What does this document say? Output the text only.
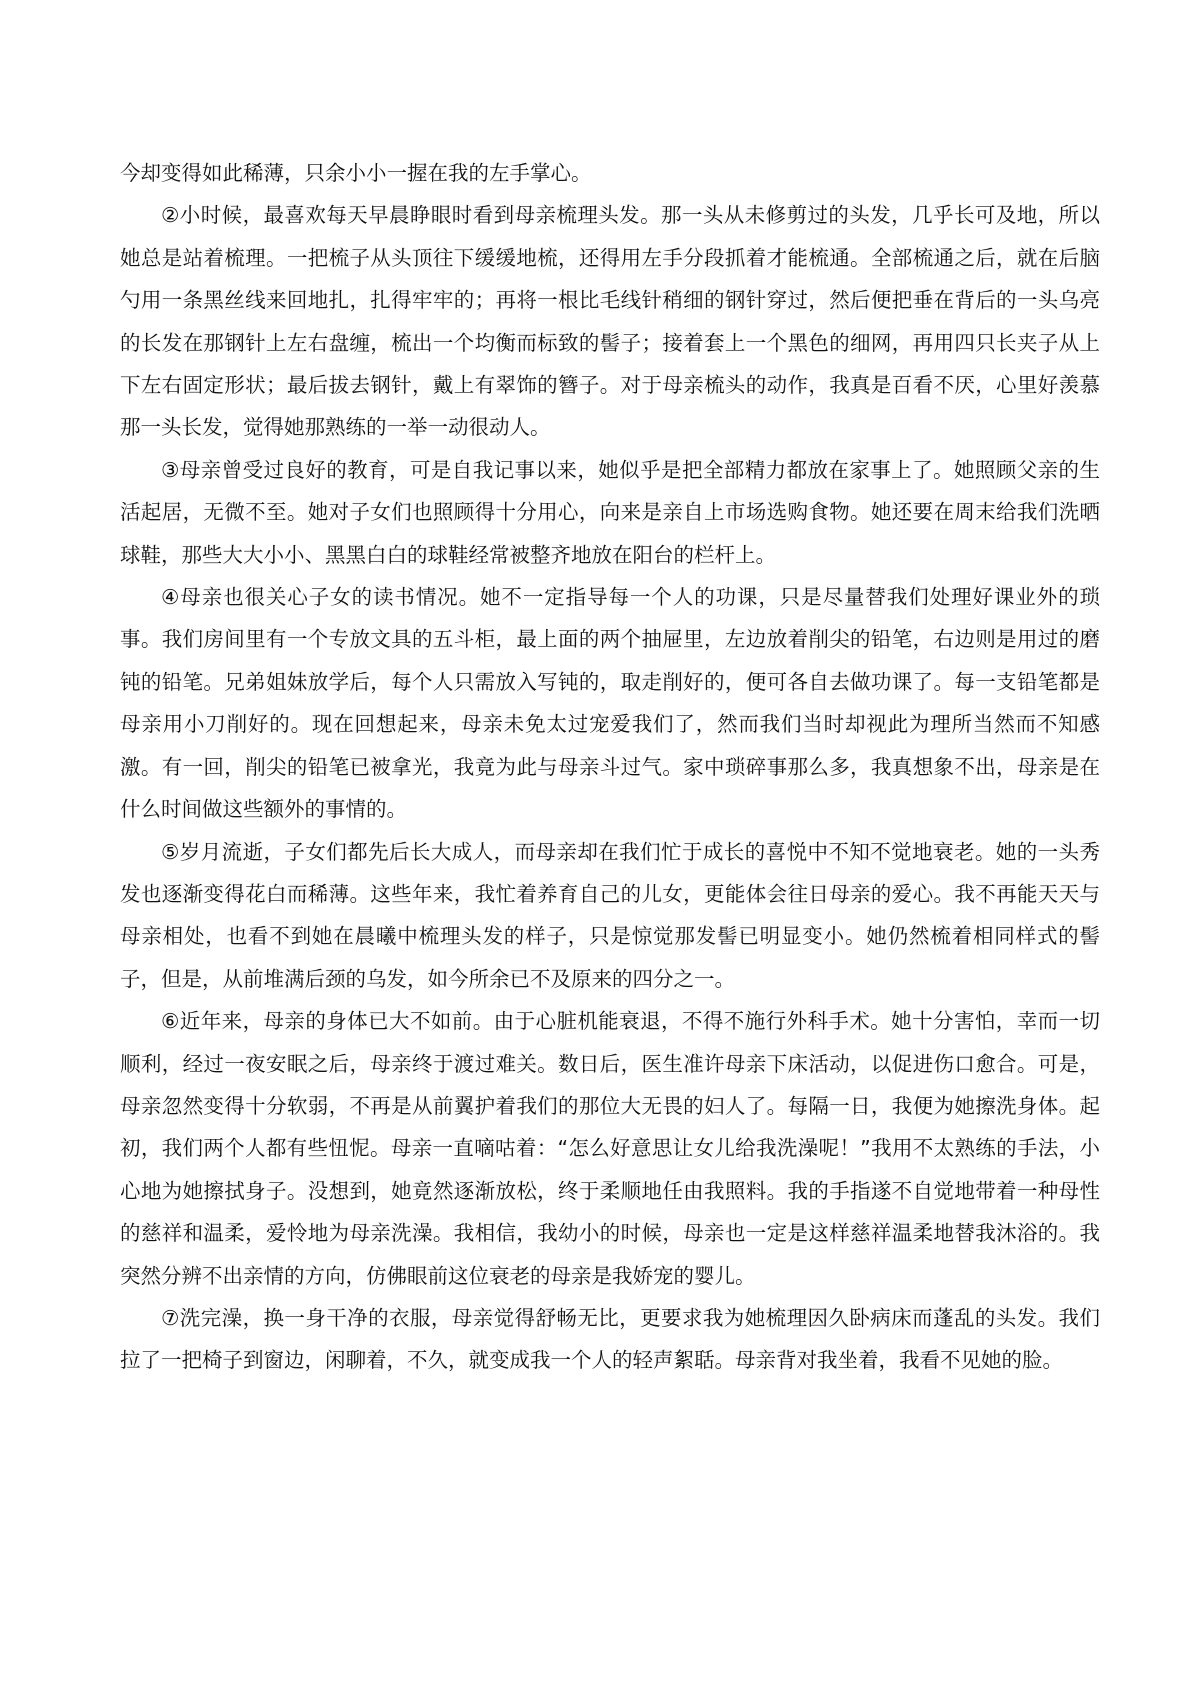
今却变得如此稀薄，只余小小一握在我的左手掌心。

②小时候，最喜欢每天早晨睁眼时看到母亲梳理头发。那一头从未修剪过的头发，几乎长可及地，所以她总是站着梳理。一把梳子从头顶往下缓缓地梳，还得用左手分段抓着才能梳通。全部梳通之后，就在后脑勺用一条黑丝线来回地扎，扎得牢牢的；再将一根比毛线针稍细的钢针穿过，然后便把垂在背后的一头乌亮的长发在那钢针上左右盘缠，梳出一个均衡而标致的髻子；接着套上一个黑色的细网，再用四只长夹子从上下左右固定形状；最后拔去钢针，戴上有翠饰的簪子。对于母亲梳头的动作，我真是百看不厌，心里好羡慕那一头长发，觉得她那熟练的一举一动很动人。

③母亲曾受过良好的教育，可是自我记事以来，她似乎是把全部精力都放在家事上了。她照顾父亲的生活起居，无微不至。她对子女们也照顾得十分用心，向来是亲自上市场选购食物。她还要在周末给我们洗晒球鞋，那些大大小小、黑黑白白的球鞋经常被整齐地放在阳台的栏杆上。

④母亲也很关心子女的读书情况。她不一定指导每一个人的功课，只是尽量替我们处理好课业外的琐事。我们房间里有一个专放文具的五斗柜，最上面的两个抽屉里，左边放着削尖的铅笔，右边则是用过的磨钝的铅笔。兄弟姐妹放学后，每个人只需放入写钝的，取走削好的，便可各自去做功课了。每一支铅笔都是母亲用小刀削好的。现在回想起来，母亲未免太过宠爱我们了，然而我们当时却视此为理所当然而不知感激。有一回，削尖的铅笔已被拿光，我竟为此与母亲斗过气。家中琐碎事那么多，我真想象不出，母亲是在什么时间做这些额外的事情的。

⑤岁月流逝，子女们都先后长大成人，而母亲却在我们忙于成长的喜悦中不知不觉地衰老。她的一头秀发也逐渐变得花白而稀薄。这些年来，我忙着养育自己的儿女，更能体会往日母亲的爱心。我不再能天天与母亲相处，也看不到她在晨曦中梳理头发的样子，只是惊觉那发髻已明显变小。她仍然梳着相同样式的髻子，但是，从前堆满后颈的乌发，如今所余已不及原来的四分之一。

⑥近年来，母亲的身体已大不如前。由于心脏机能衰退，不得不施行外科手术。她十分害怕，幸而一切顺利，经过一夜安眠之后，母亲终于渡过难关。数日后，医生准许母亲下床活动，以促进伤口愈合。可是，母亲忽然变得十分软弱，不再是从前翼护着我们的那位大无畏的妇人了。每隔一日，我便为她擦洗身体。起初，我们两个人都有些忸怩。母亲一直嘀咕着：“怎么好意思让女儿给我洗澡呢！”我用不太熟练的手法，小心地为她擦拭身子。没想到，她竟然逐渐放松，终于柔顺地任由我照料。我的手指遂不自觉地带着一种母性的慈祥和温柔，爱怜地为母亲洗澡。我相信，我幼小的时候，母亲也一定是这样慈祥温柔地替我沐浴的。我突然分辨不出亲情的方向，仿佛眼前这位衰老的母亲是我娇宠的婴儿。

⑦洗完澡，换一身干净的衣服，母亲觉得舒畅无比，更要求我为她梳理因久卧病床而蓬乱的头发。我们拉了一把椅子到窗边，闲聊着，不久，就变成我一个人的轻声絮聒。母亲背对我坐着，我看不见她的脸。
